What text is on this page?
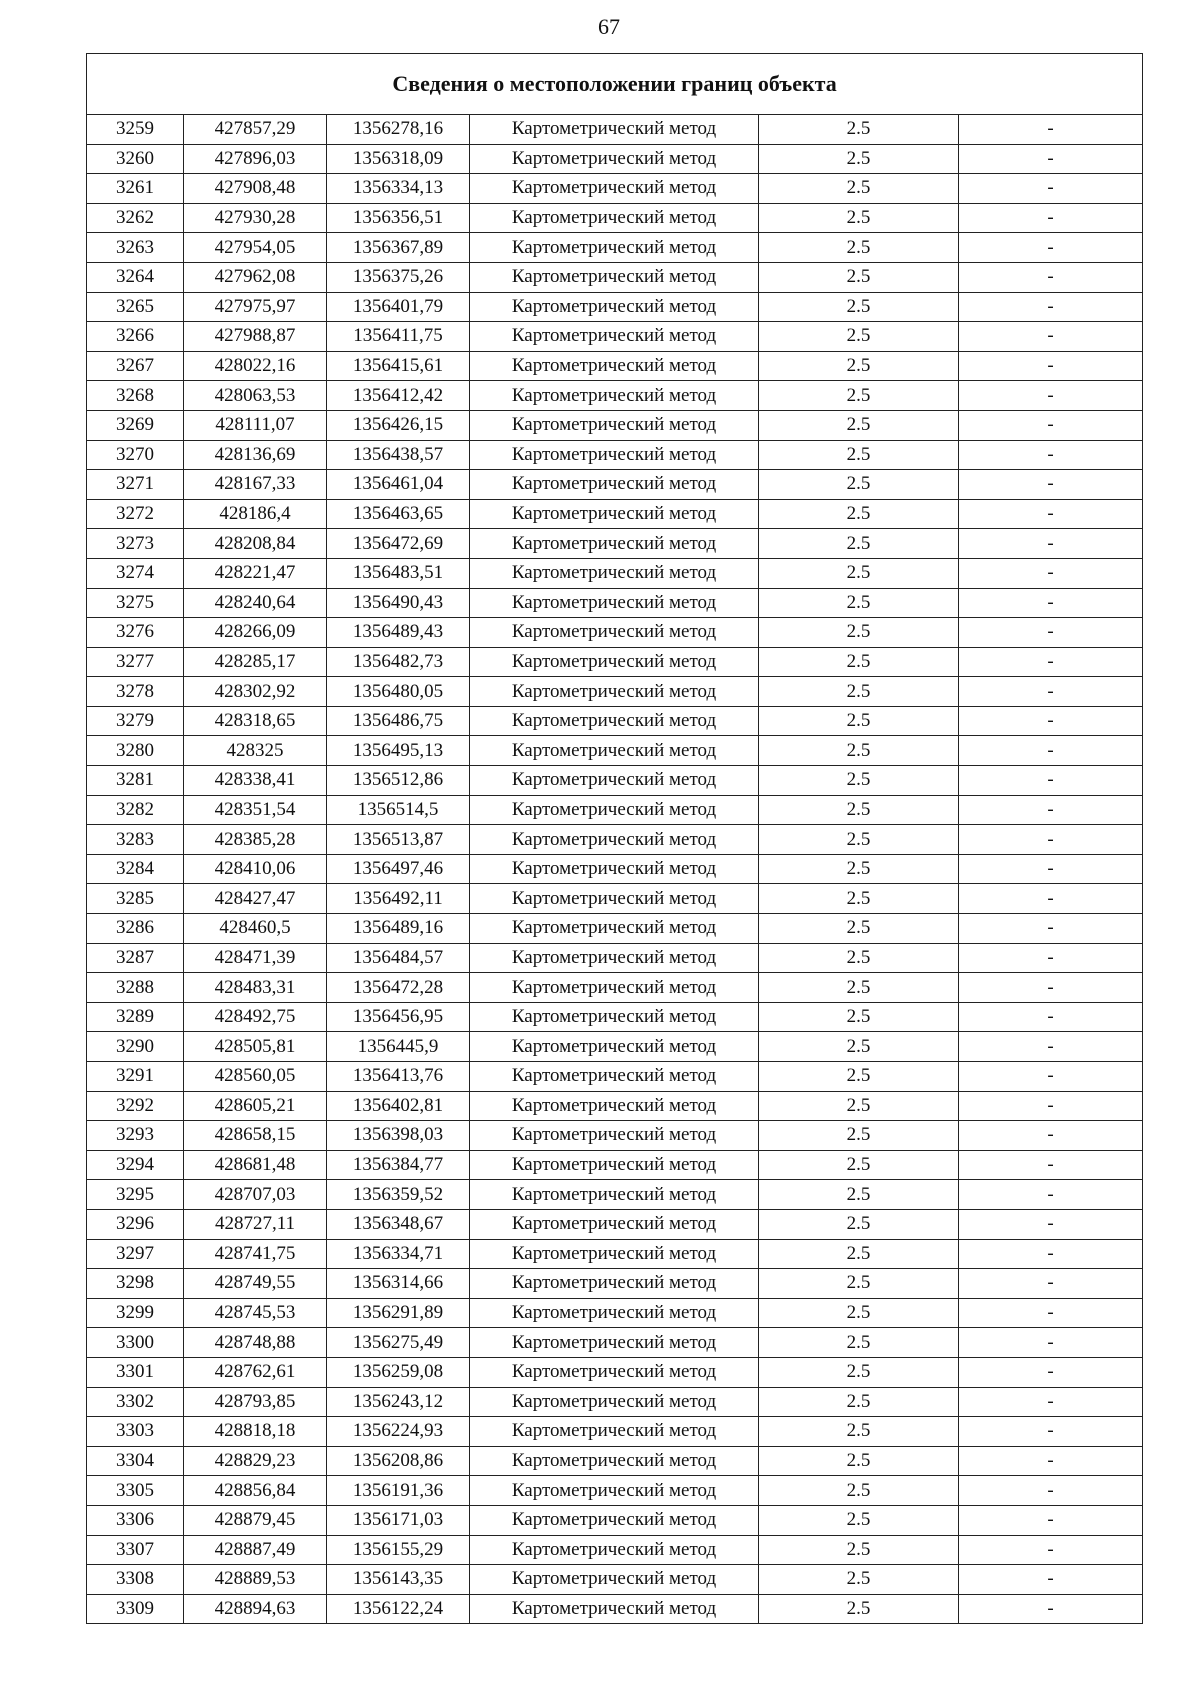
67
Сведения о местоположении границ объекта					
3259	427857,29	1356278,16	Картометрический метод	2.5	-
3260	427896,03	1356318,09	Картометрический метод	2.5	-
3261	427908,48	1356334,13	Картометрический метод	2.5	-
3262	427930,28	1356356,51	Картометрический метод	2.5	-
3263	427954,05	1356367,89	Картометрический метод	2.5	-
3264	427962,08	1356375,26	Картометрический метод	2.5	-
3265	427975,97	1356401,79	Картометрический метод	2.5	-
3266	427988,87	1356411,75	Картометрический метод	2.5	-
3267	428022,16	1356415,61	Картометрический метод	2.5	-
3268	428063,53	1356412,42	Картометрический метод	2.5	-
3269	428111,07	1356426,15	Картометрический метод	2.5	-
3270	428136,69	1356438,57	Картометрический метод	2.5	-
3271	428167,33	1356461,04	Картометрический метод	2.5	-
3272	428186,4	1356463,65	Картометрический метод	2.5	-
3273	428208,84	1356472,69	Картометрический метод	2.5	-
3274	428221,47	1356483,51	Картометрический метод	2.5	-
3275	428240,64	1356490,43	Картометрический метод	2.5	-
3276	428266,09	1356489,43	Картометрический метод	2.5	-
3277	428285,17	1356482,73	Картометрический метод	2.5	-
3278	428302,92	1356480,05	Картометрический метод	2.5	-
3279	428318,65	1356486,75	Картометрический метод	2.5	-
3280	428325	1356495,13	Картометрический метод	2.5	-
3281	428338,41	1356512,86	Картометрический метод	2.5	-
3282	428351,54	1356514,5	Картометрический метод	2.5	-
3283	428385,28	1356513,87	Картометрический метод	2.5	-
3284	428410,06	1356497,46	Картометрический метод	2.5	-
3285	428427,47	1356492,11	Картометрический метод	2.5	-
3286	428460,5	1356489,16	Картометрический метод	2.5	-
3287	428471,39	1356484,57	Картометрический метод	2.5	-
3288	428483,31	1356472,28	Картометрический метод	2.5	-
3289	428492,75	1356456,95	Картометрический метод	2.5	-
3290	428505,81	1356445,9	Картометрический метод	2.5	-
3291	428560,05	1356413,76	Картометрический метод	2.5	-
3292	428605,21	1356402,81	Картометрический метод	2.5	-
3293	428658,15	1356398,03	Картометрический метод	2.5	-
3294	428681,48	1356384,77	Картометрический метод	2.5	-
3295	428707,03	1356359,52	Картометрический метод	2.5	-
3296	428727,11	1356348,67	Картометрический метод	2.5	-
3297	428741,75	1356334,71	Картометрический метод	2.5	-
3298	428749,55	1356314,66	Картометрический метод	2.5	-
3299	428745,53	1356291,89	Картометрический метод	2.5	-
3300	428748,88	1356275,49	Картометрический метод	2.5	-
3301	428762,61	1356259,08	Картометрический метод	2.5	-
3302	428793,85	1356243,12	Картометрический метод	2.5	-
3303	428818,18	1356224,93	Картометрический метод	2.5	-
3304	428829,23	1356208,86	Картометрический метод	2.5	-
3305	428856,84	1356191,36	Картометрический метод	2.5	-
3306	428879,45	1356171,03	Картометрический метод	2.5	-
3307	428887,49	1356155,29	Картометрический метод	2.5	-
3308	428889,53	1356143,35	Картометрический метод	2.5	-
3309	428894,63	1356122,24	Картометрический метод	2.5	-
